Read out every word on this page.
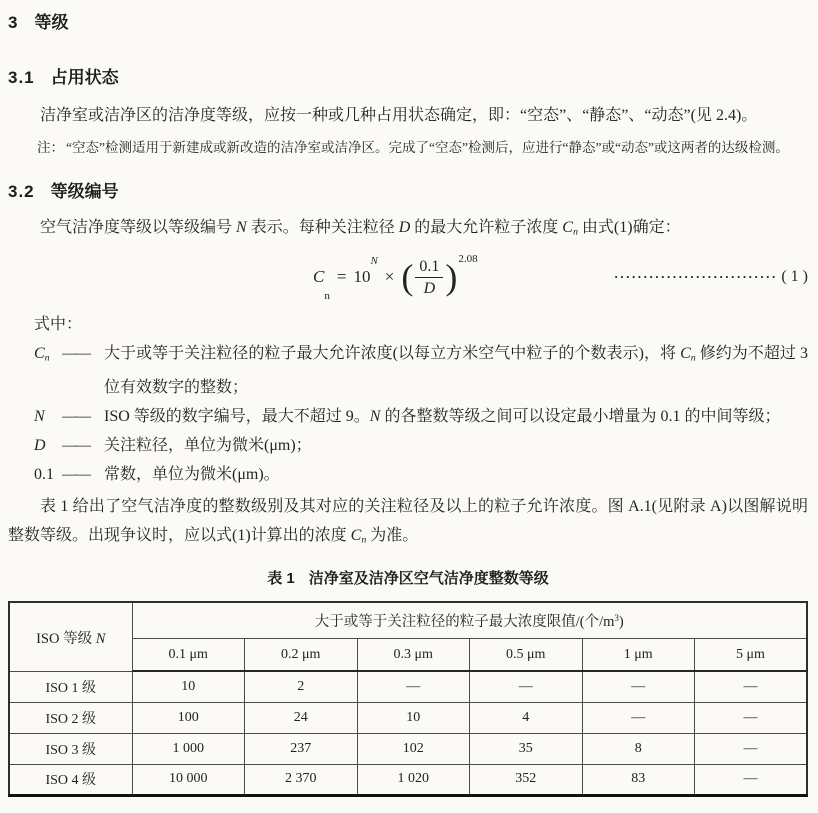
3 等级
3.1 占用状态

洁净室或洁净区的洁净度等级，应按一种或几种占用状态确定，即：“空态”、“静态”、“动态”(见 2.4)。

注： “空态”检测适用于新建成或新改造的洁净室或洁净区。完成了“空态”检测后，应进行“静态”或“动态”或这两者的达级检测。

3.2 等级编号

空气洁净度等级以等级编号 N 表示。每种关注粒径 D 的最大允许粒子浓度 Cn 由式(1)确定：

C
n
= 10
N
× ( $\frac{0.1}{D}$ ) 2.08
···························· ( 1 )

式中：

Cn ——	大于或等于关注粒径的粒子最大允许浓度(以每立方米空气中粒子的个数表示)，将 Cn 修约为不超过 3 位有效数字的整数；
N	——	ISO 等级的数字编号，最大不超过 9。N 的各整数等级之间可以设定最小增量为 0.1 的中间等级；
D	——	关注粒径，单位为微米(μm)；
0.1 ——	常数，单位为微米(μm)。

表 1 给出了空气洁净度的整数级别及其对应的关注粒径及以上的粒子允许浓度。图 A.1(见附录 A)以图解说明整数等级。出现争议时，应以式(1)计算出的浓度 Cn 为准。

表 1 洁净室及洁净区空气洁净度整数等级
ISO 等级 N	大于或等于关注粒径的粒子最大浓度限值/(个$/m^3$)					
	0.1 μm	0.2 μm	0.3 μm	0.5 μm	1 μm	5 μm
ISO 1 级	10	2	—	—	—	—
ISO 2 级	100	24	10	4	—	—
ISO 3 级	1 000	237	102	35	8	—
ISO 4 级	10 000	2 370	1 020	352	83	—
